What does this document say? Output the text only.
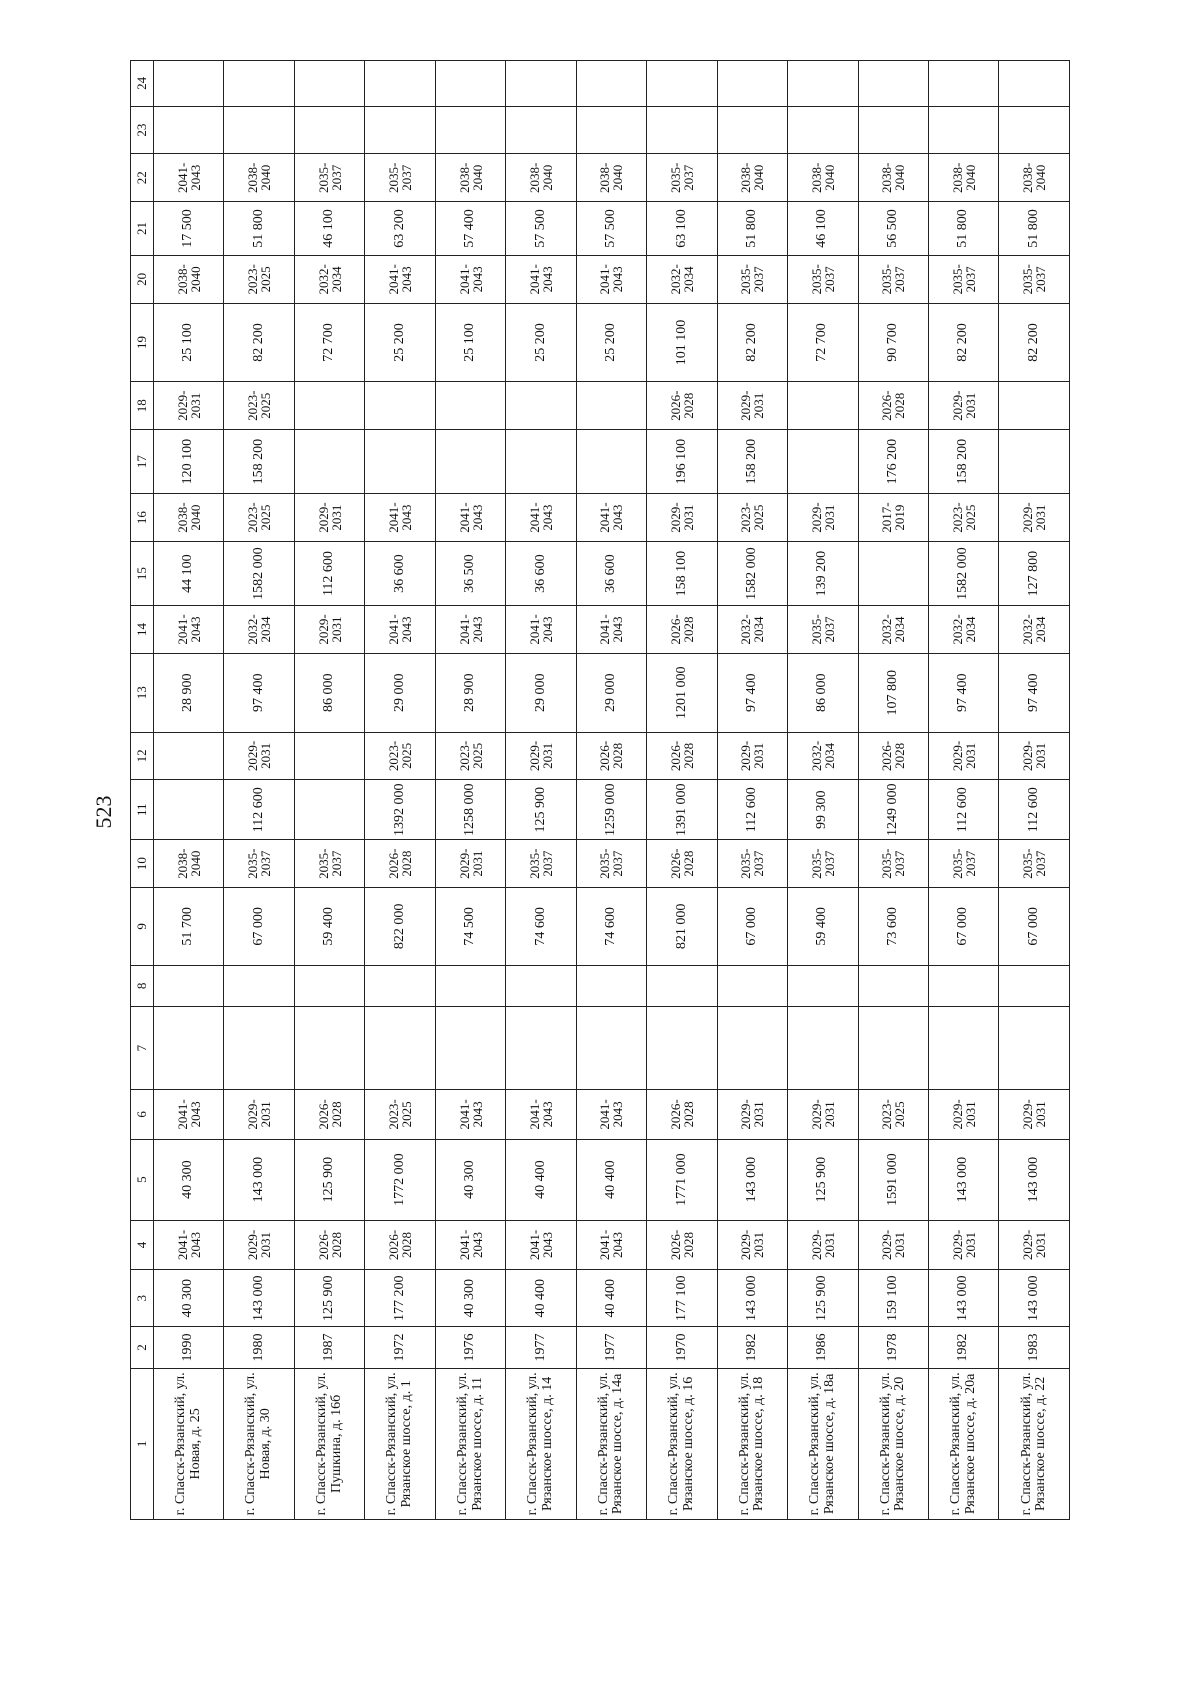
523
1	2	3	4	5	6	7	8	9	10	11	12	13	14	15	16	17	18	19	20	21	22	23	24
г. Спасск-Рязанский, ул. Новая, д. 25	1990	40 300	2041-2043	40 300	2041-2043			51 700	2038-2040			28 900	2041-2043	44 100	2038-2040	120 100	2029-2031	25 100	2038-2040	17 500	2041-2043		
г. Спасск-Рязанский, ул. Новая, д. 30	1980	143 000	2029-2031	143 000	2029-2031			67 000	2035-2037	112 600	2029-2031	97 400	2032-2034	1582 000	2023-2025	158 200	2023-2025	82 200	2023-2025	51 800	2038-2040		
г. Спасск-Рязанский, ул. Пушкина, д. 16б	1987	125 900	2026-2028	125 900	2026-2028			59 400	2035-2037			86 000	2029-2031	112 600	2029-2031			72 700	2032-2034	46 100	2035-2037		
г. Спасск-Рязанский, ул. Рязанское шоссе, д. 1	1972	177 200	2026-2028	1772 000	2023-2025			822 000	2026-2028	1392 000	2023-2025	29 000	2041-2043	36 600	2041-2043			25 200	2041-2043	63 200	2035-2037		
г. Спасск-Рязанский, ул. Рязанское шоссе, д. 11	1976	40 300	2041-2043	40 300	2041-2043			74 500	2029-2031	1258 000	2023-2025	28 900	2041-2043	36 500	2041-2043			25 100	2041-2043	57 400	2038-2040		
г. Спасск-Рязанский, ул. Рязанское шоссе, д. 14	1977	40 400	2041-2043	40 400	2041-2043			74 600	2035-2037	125 900	2029-2031	29 000	2041-2043	36 600	2041-2043			25 200	2041-2043	57 500	2038-2040		
г. Спасск-Рязанский, ул. Рязанское шоссе, д. 14а	1977	40 400	2041-2043	40 400	2041-2043			74 600	2035-2037	1259 000	2026-2028	29 000	2041-2043	36 600	2041-2043			25 200	2041-2043	57 500	2038-2040		
г. Спасск-Рязанский, ул. Рязанское шоссе, д. 16	1970	177 100	2026-2028	1771 000	2026-2028			821 000	2026-2028	1391 000	2026-2028	1201 000	2026-2028	158 100	2029-2031	196 100	2026-2028	101 100	2032-2034	63 100	2035-2037		
г. Спасск-Рязанский, ул. Рязанское шоссе, д. 18	1982	143 000	2029-2031	143 000	2029-2031			67 000	2035-2037	112 600	2029-2031	97 400	2032-2034	1582 000	2023-2025	158 200	2029-2031	82 200	2035-2037	51 800	2038-2040		
г. Спасск-Рязанский, ул. Рязанское шоссе, д. 18а	1986	125 900	2029-2031	125 900	2029-2031			59 400	2035-2037	99 300	2032-2034	86 000	2035-2037	139 200	2029-2031			72 700	2035-2037	46 100	2038-2040		
г. Спасск-Рязанский, ул. Рязанское шоссе, д. 20	1978	159 100	2029-2031	1591 000	2023-2025			73 600	2035-2037	1249 000	2026-2028	107 800	2032-2034		2017-2019	176 200	2026-2028	90 700	2035-2037	56 500	2038-2040		
г. Спасск-Рязанский, ул. Рязанское шоссе, д. 20а	1982	143 000	2029-2031	143 000	2029-2031			67 000	2035-2037	112 600	2029-2031	97 400	2032-2034	1582 000	2023-2025	158 200	2029-2031	82 200	2035-2037	51 800	2038-2040		
г. Спасск-Рязанский, ул. Рязанское шоссе, д. 22	1983	143 000	2029-2031	143 000	2029-2031			67 000	2035-2037	112 600	2029-2031	97 400	2032-2034	127 800	2029-2031			82 200	2035-2037	51 800	2038-2040		
